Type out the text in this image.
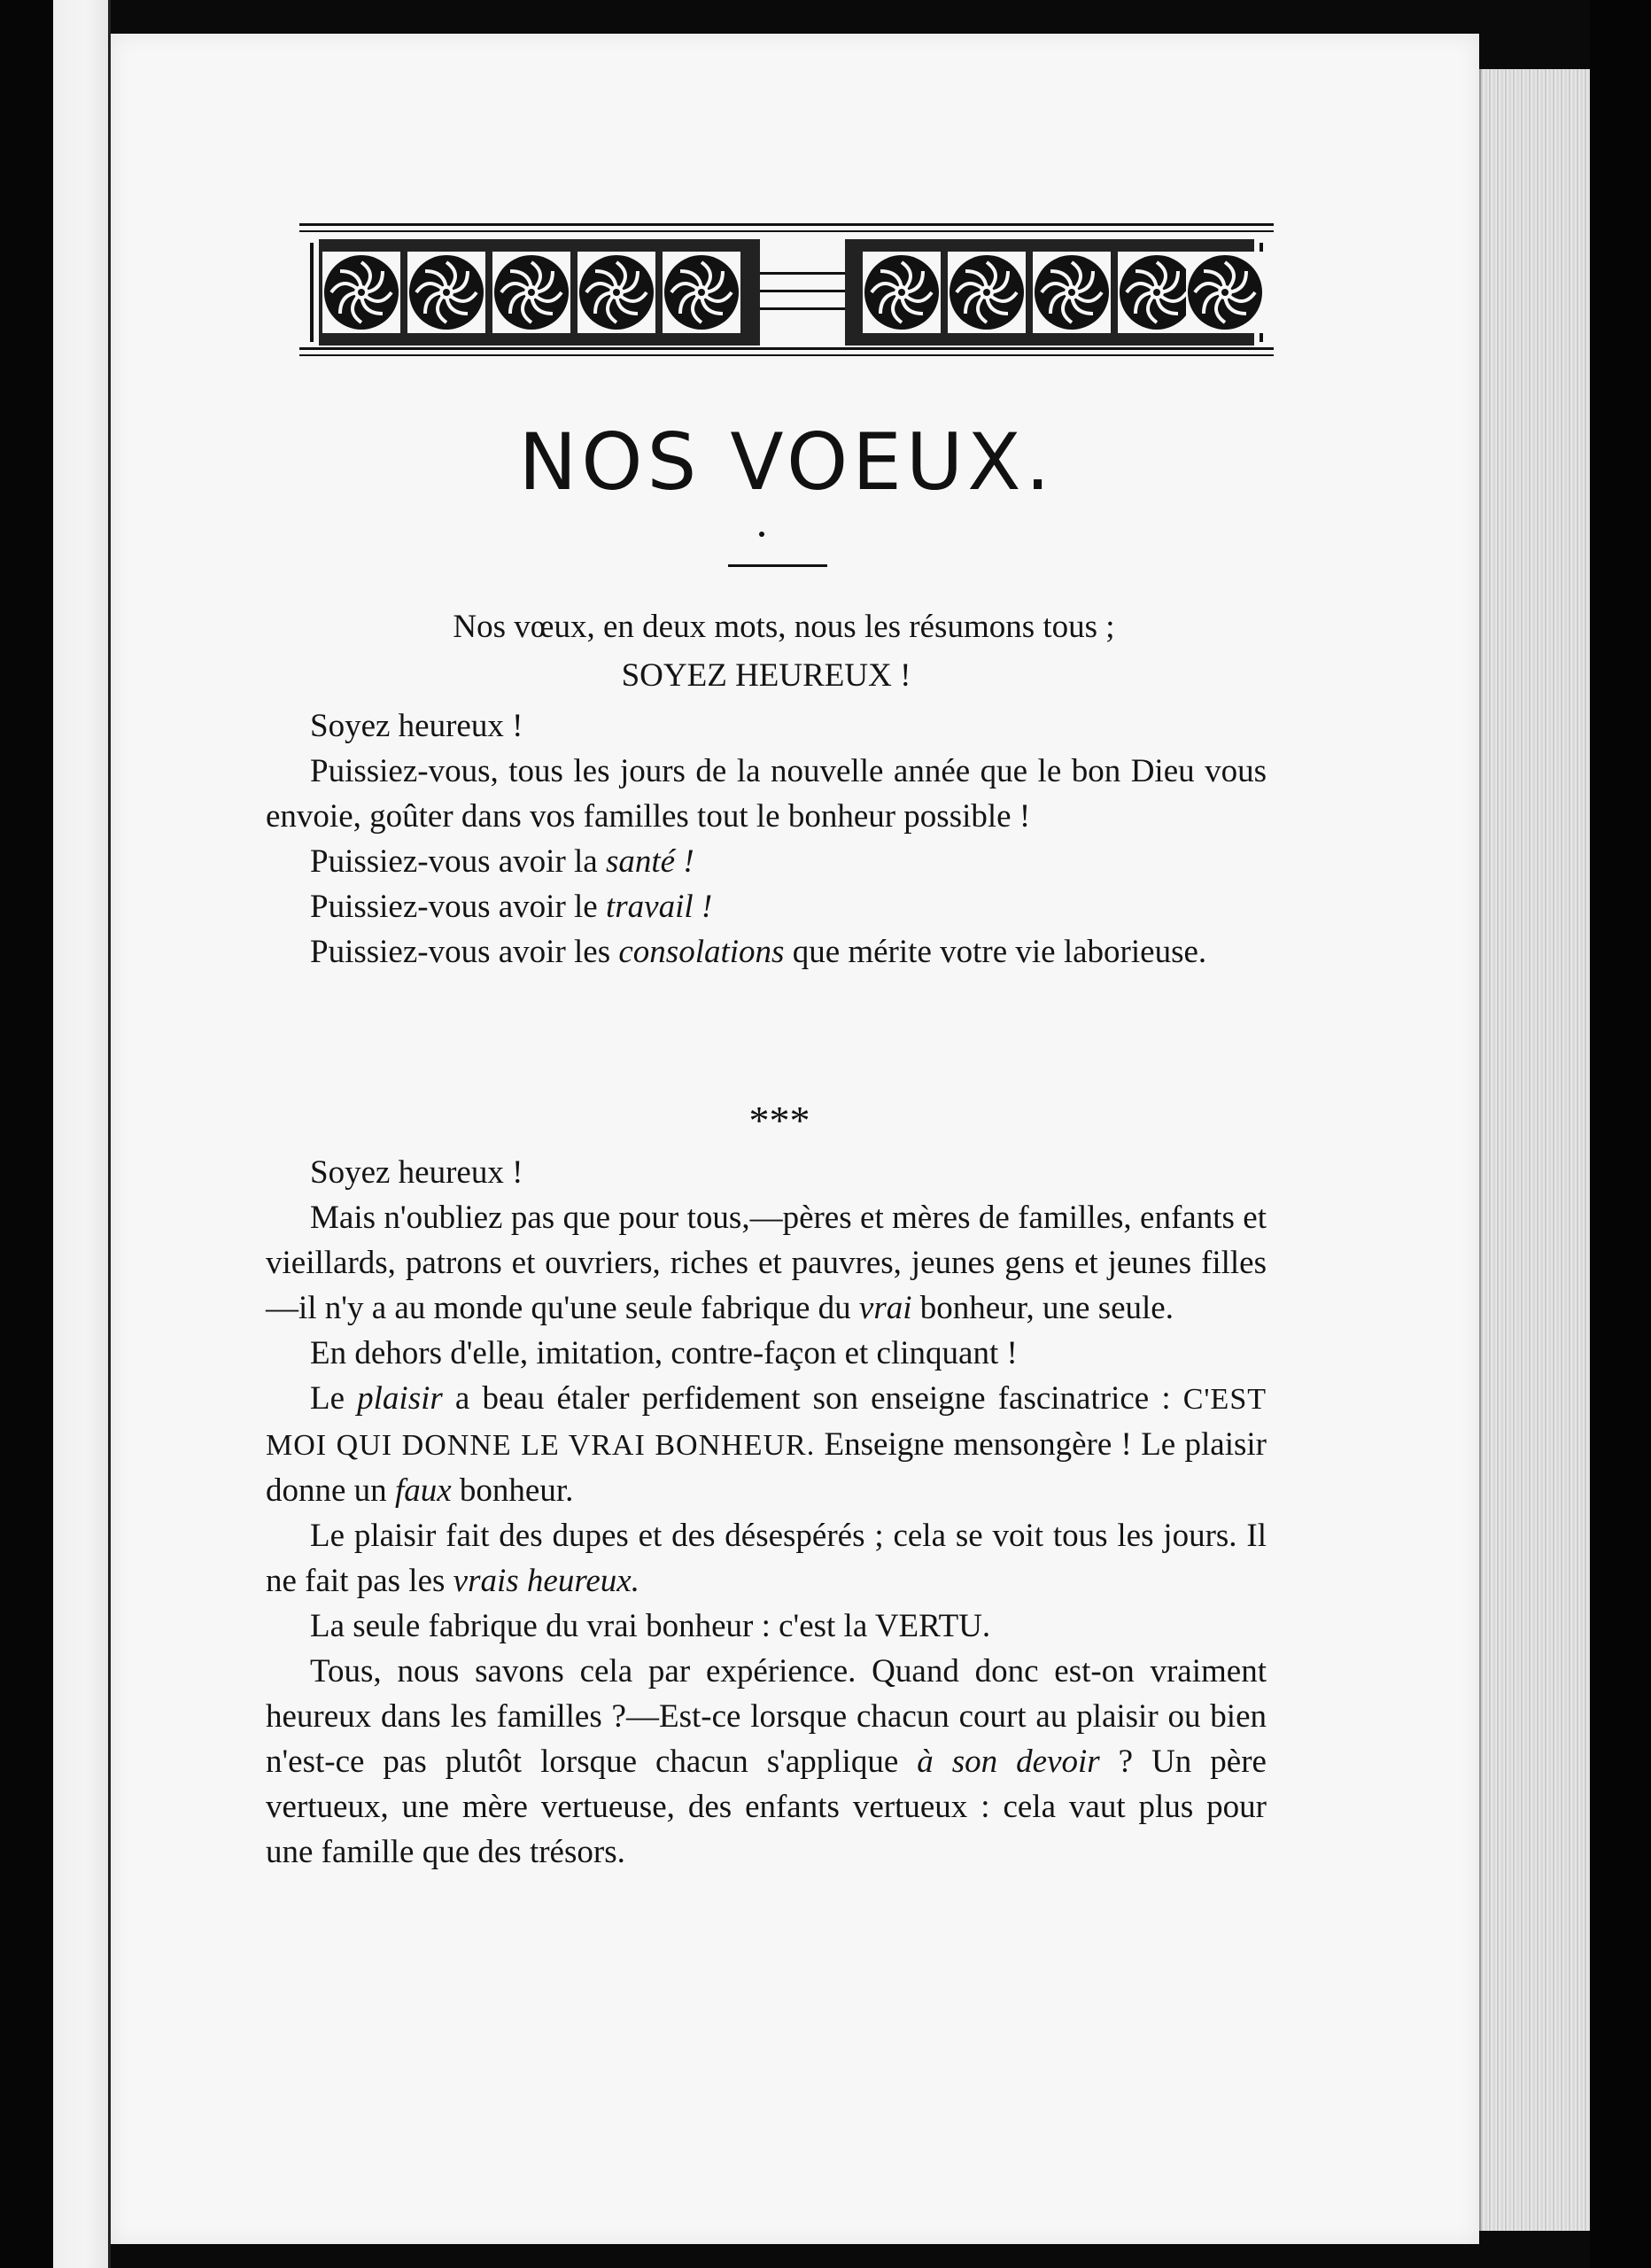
NOS VOEUX.

Nos vœux, en deux mots, nous les résumons tous ;

SOYEZ HEUREUX !

Soyez heureux !

Puissiez-vous, tous les jours de la nouvelle année que le bon Dieu vous envoie, goûter dans vos familles tout le bonheur possible !

Puissiez-vous avoir la santé !

Puissiez-vous avoir le travail !

Puissiez-vous avoir les consolations que mérite votre vie laborieuse.

***

Soyez heureux !

Mais n'oubliez pas que pour tous,—pères et mères de familles, enfants et vieillards, patrons et ouvriers, riches et pauvres, jeunes gens et jeunes filles—il n'y a au monde qu'une seule fabrique du vrai bonheur, une seule.

En dehors d'elle, imitation, contre-façon et clinquant !

Le plaisir a beau étaler perfidement son enseigne fascinatrice : C'EST MOI QUI DONNE LE VRAI BONHEUR. Enseigne mensongère ! Le plaisir donne un faux bonheur.

Le plaisir fait des dupes et des désespérés ; cela se voit tous les jours. Il ne fait pas les vrais heureux.

La seule fabrique du vrai bonheur : c'est la VERTU.

Tous, nous savons cela par expérience. Quand donc est-on vraiment heureux dans les familles ?—Est-ce lorsque chacun court au plaisir ou bien n'est-ce pas plutôt lorsque chacun s'applique à son devoir ? Un père vertueux, une mère vertueuse, des enfants vertueux : cela vaut plus pour une famille que des trésors.
